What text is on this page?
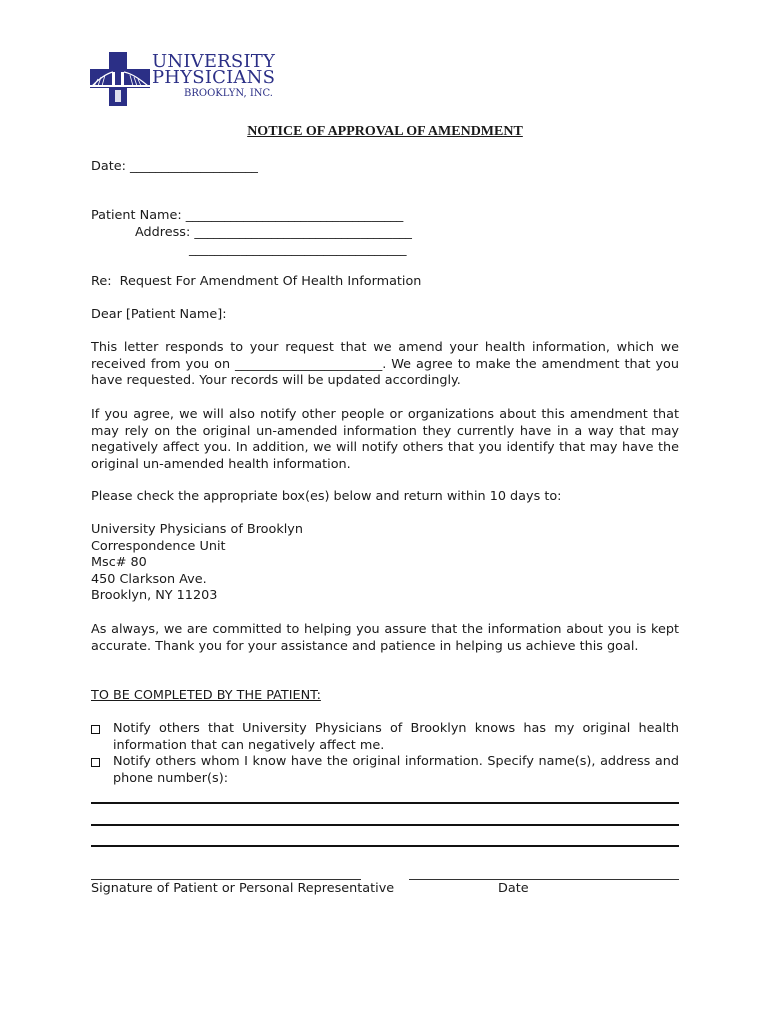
UNIVERSITY
PHYSICIANS
BROOKLYN, INC.
NOTICE OF APPROVAL OF AMENDMENT
Date: ____________________
Patient Name: __________________________________
Address: __________________________________
__________________________________
Re:  Request For Amendment Of Health Information
Dear [Patient Name]:
This letter responds to your request that we amend your health information, which we received from you on _______________________. We agree to make the amendment that you have requested. Your records will be updated accordingly.
If you agree, we will also notify other people or organizations about this amendment that may rely on the original un-amended information they currently have in a way that may negatively affect you. In addition, we will notify others that you identify that may have the original un-amended health information.
Please check the appropriate box(es) below and return within 10 days to:
University Physicians of Brooklyn
Correspondence Unit
Msc# 80
450 Clarkson Ave.
Brooklyn, NY 11203
As always, we are committed to helping you assure that the information about you is kept accurate. Thank you for your assistance and patience in helping us achieve this goal.
TO BE COMPLETED BY THE PATIENT:
Notify others that University Physicians of Brooklyn knows has my original health information that can negatively affect me.
Notify others whom I know have the original information. Specify name(s), address and phone number(s):
Signature of Patient or Personal Representative	Date
